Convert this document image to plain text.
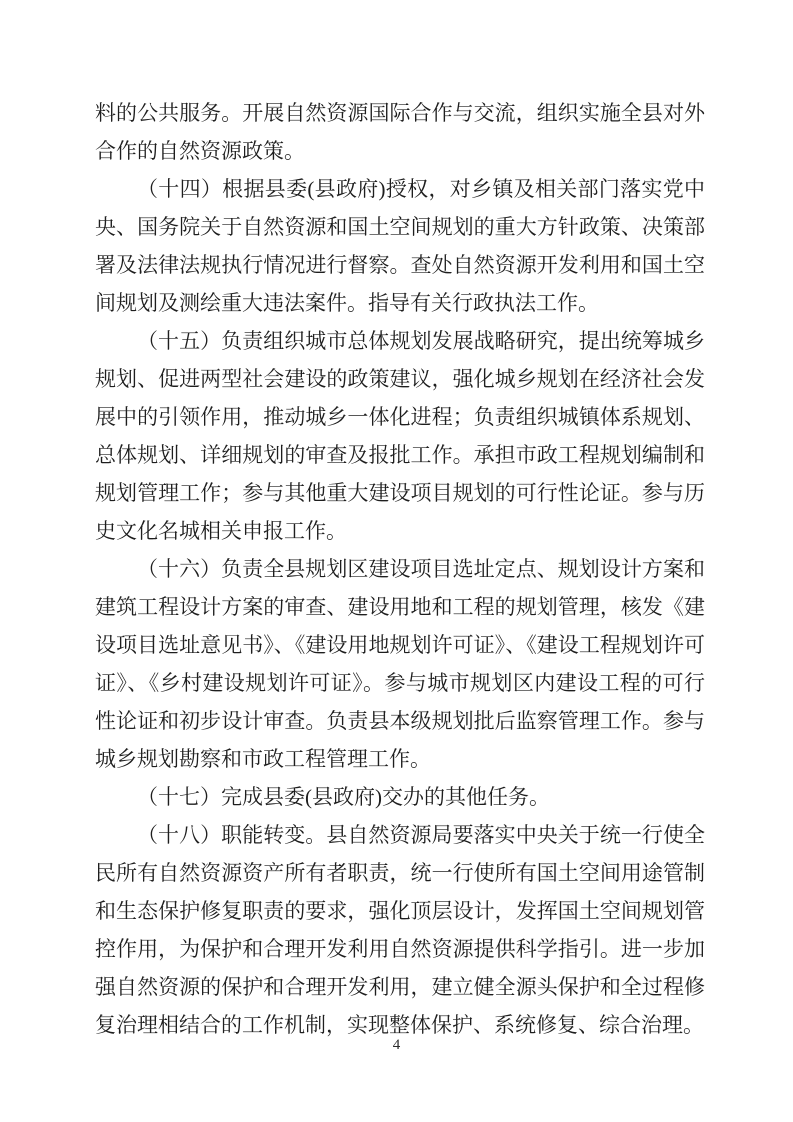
料的公共服务。开展自然资源国际合作与交流，组织实施全县对外合作的自然资源政策。

（十四）根据县委(县政府)授权，对乡镇及相关部门落实党中央、国务院关于自然资源和国土空间规划的重大方针政策、决策部署及法律法规执行情况进行督察。查处自然资源开发利用和国土空间规划及测绘重大违法案件。指导有关行政执法工作。

（十五）负责组织城市总体规划发展战略研究，提出统筹城乡规划、促进两型社会建设的政策建议，强化城乡规划在经济社会发展中的引领作用，推动城乡一体化进程；负责组织城镇体系规划、总体规划、详细规划的审查及报批工作。承担市政工程规划编制和规划管理工作；参与其他重大建设项目规划的可行性论证。参与历史文化名城相关申报工作。

（十六）负责全县规划区建设项目选址定点、规划设计方案和建筑工程设计方案的审查、建设用地和工程的规划管理，核发《建设项目选址意见书》、《建设用地规划许可证》、《建设工程规划许可证》、《乡村建设规划许可证》。参与城市规划区内建设工程的可行性论证和初步设计审查。负责县本级规划批后监察管理工作。参与城乡规划勘察和市政工程管理工作。

（十七）完成县委(县政府)交办的其他任务。

（十八）职能转变。县自然资源局要落实中央关于统一行使全民所有自然资源资产所有者职责，统一行使所有国土空间用途管制和生态保护修复职责的要求，强化顶层设计，发挥国土空间规划管控作用，为保护和合理开发利用自然资源提供科学指引。进一步加强自然资源的保护和合理开发利用，建立健全源头保护和全过程修复治理相结合的工作机制，实现整体保护、系统修复、综合治理。

4
